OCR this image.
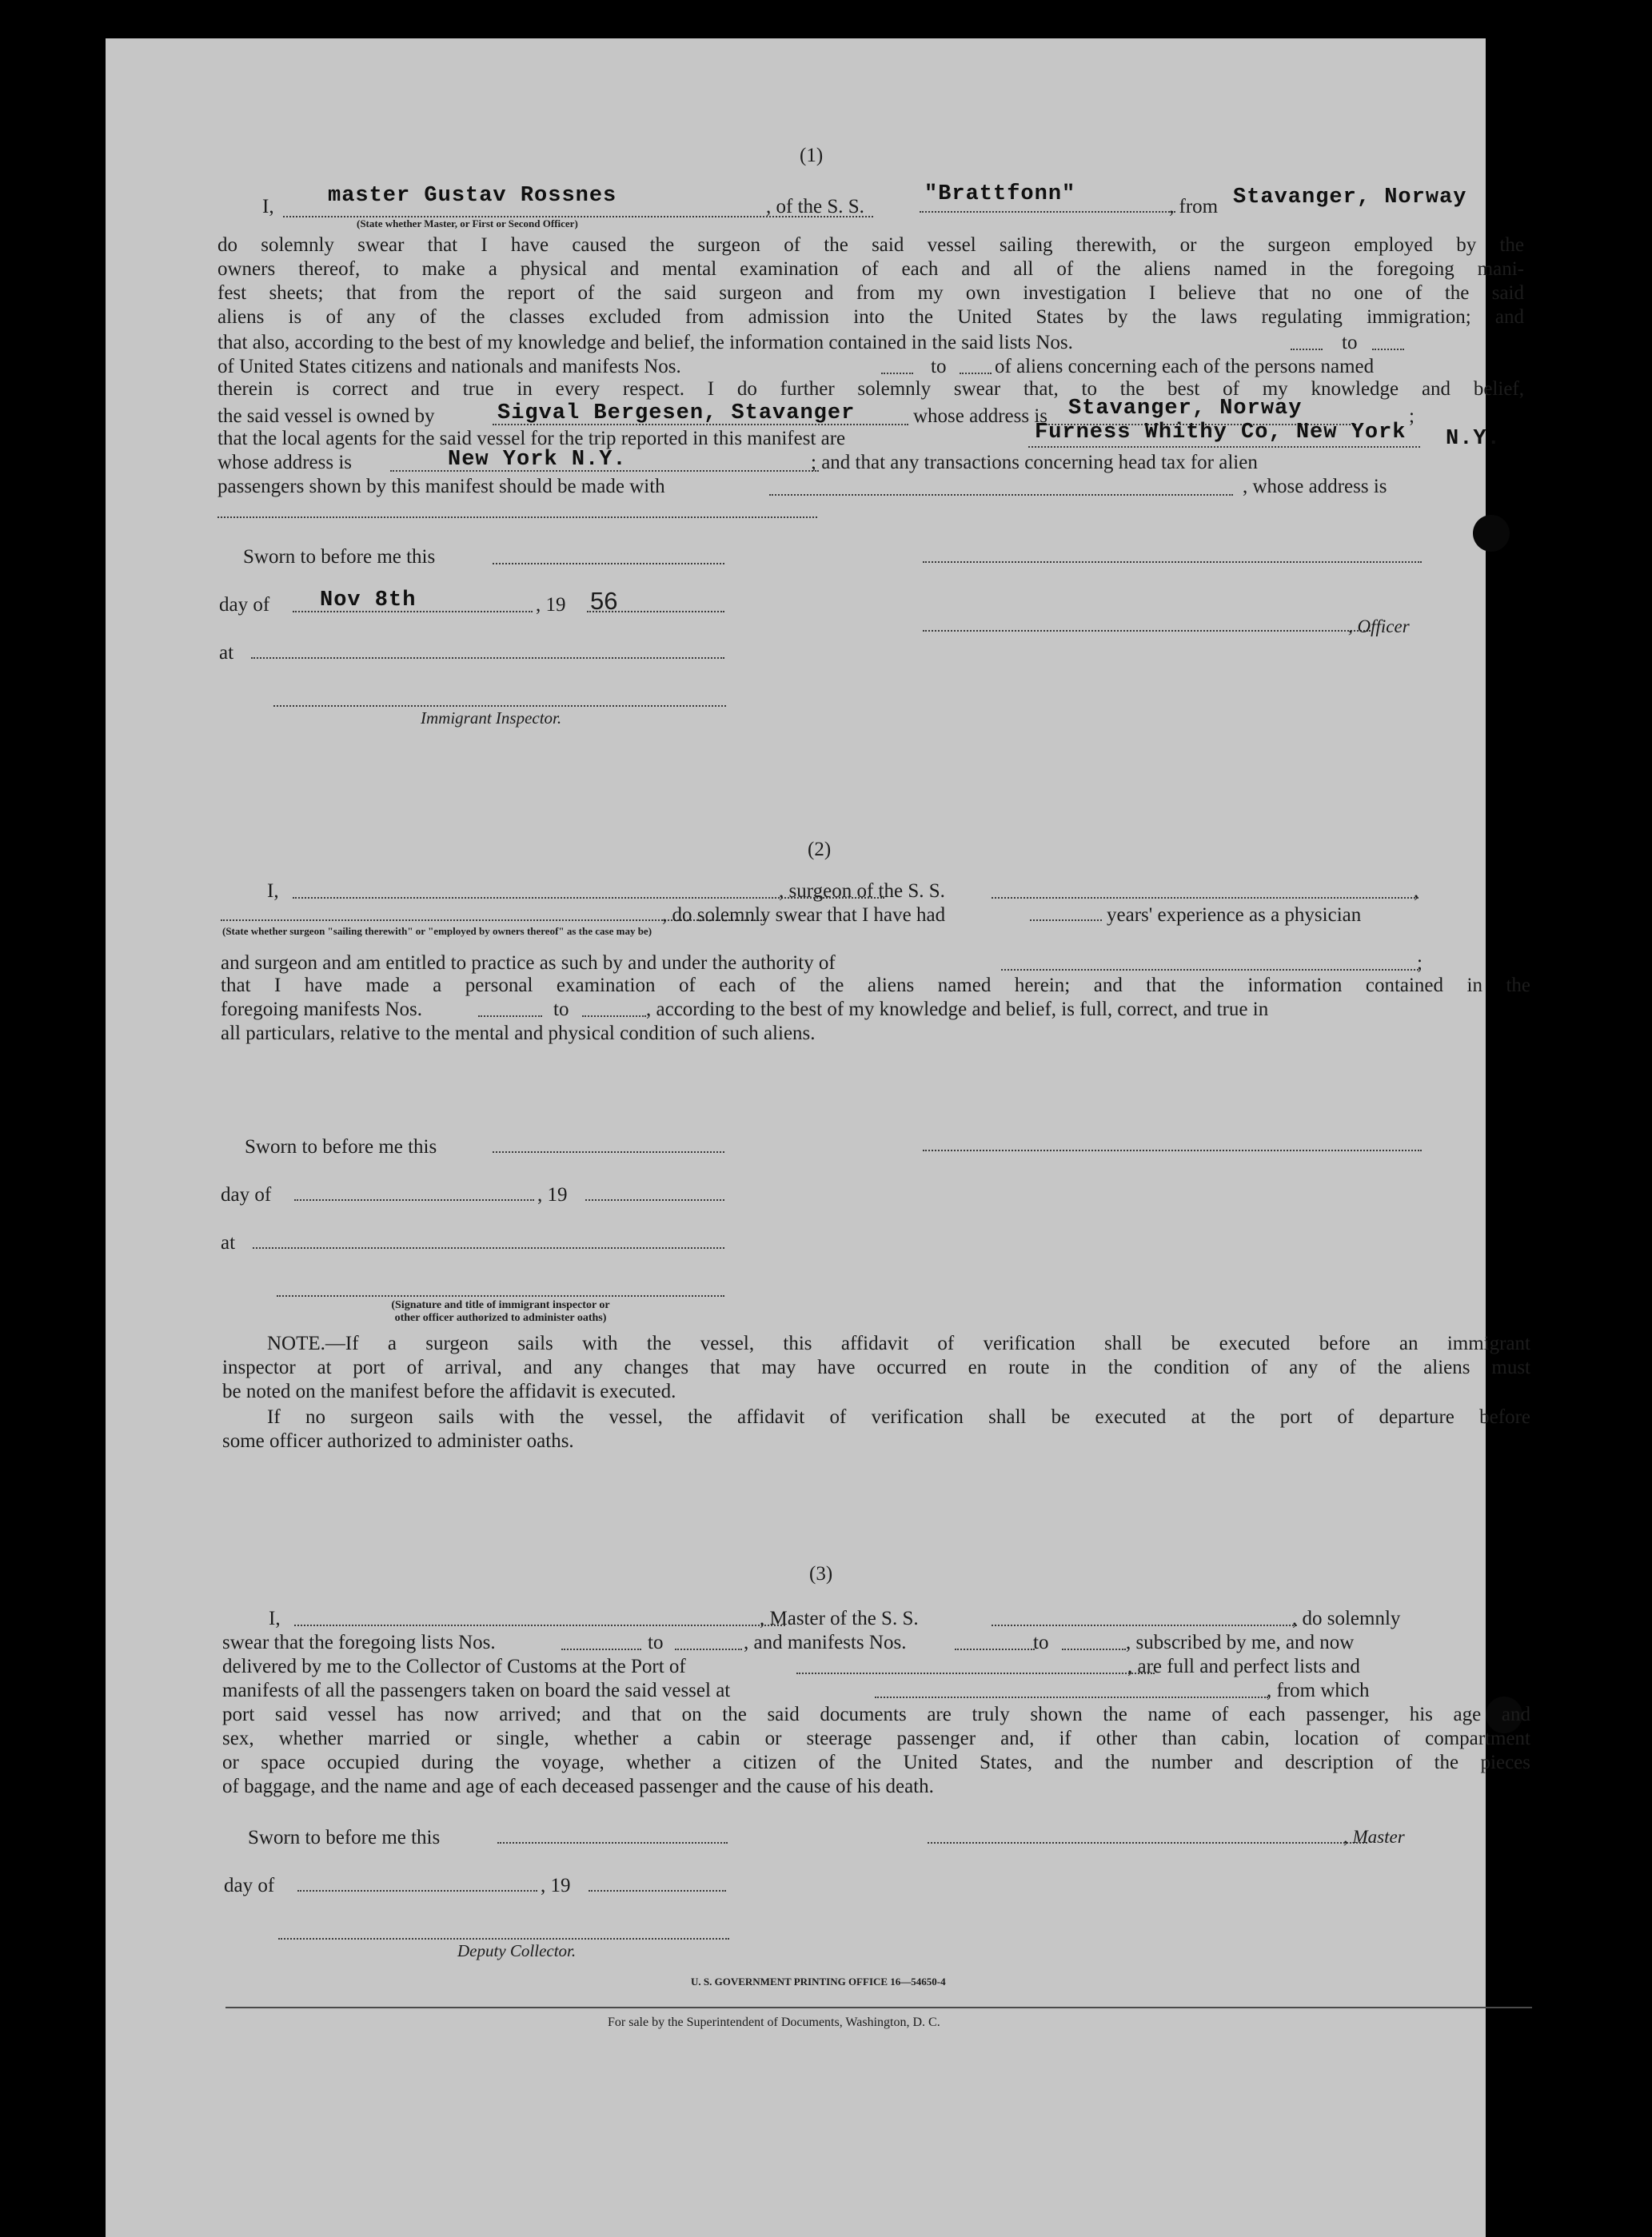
(1)
I, master Gustav Rossnes	, of the S. S.
"Brattfonn"
, from Stavanger, Norway
(State whether Master, or First or Second Officer)
do solemnly swear that I have caused the surgeon of the said vessel sailing therewith, or the surgeon employed by the
owners thereof, to make a physical and mental examination of each and all of the aliens named in the foregoing mani-
fest sheets; that from the report of the said surgeon and from my own investigation I believe that no one of the said
aliens is of any of the classes excluded from admission into the United States by the laws regulating immigration; and
that also, according to the best of my knowledge and belief, the information contained in the said lists Nos.	to
of United States citizens and nationals and manifests Nos.	to of aliens concerning each of the persons named
therein is correct and true in every respect. I do further solemnly swear that, to the best of my knowledge and belief,
the said vessel is owned by	Sigval Bergesen, Stavanger	whose address is Stavanger, Norway	;
that the local agents for the said vessel for the trip reported in this manifest are	Furness Whithy Co, New York N.Y.
whose address is	New York N.Y.	; and that any transactions concerning head tax for alien
passengers shown by this manifest should be made with	, whose address is
Sworn to before me this
day of Nov 8th	, 19 56
, Officer
at
Immigrant Inspector.
(2)
I,	, surgeon of the S. S.	,
, do solemnly swear that I have had	years' experience as a physician
(State whether surgeon "sailing therewith" or "employed by owners thereof" as the case may be)
and surgeon and am entitled to practice as such by and under the authority of	;
that I have made a personal examination of each of the aliens named herein; and that the information contained in the
foregoing manifests Nos.	to	, according to the best of my knowledge and belief, is full, correct, and true in
all particulars, relative to the mental and physical condition of such aliens.
Sworn to before me this
day of	, 19
at
(Signature and title of immigrant inspector or
other officer authorized to administer oaths)
NOTE.—If a surgeon sails with the vessel, this affidavit of verification shall be executed before an immigrant
inspector at port of arrival, and any changes that may have occurred en route in the condition of any of the aliens must
be noted on the manifest before the affidavit is executed.
If no surgeon sails with the vessel, the affidavit of verification shall be executed at the port of departure before
some officer authorized to administer oaths.
(3)
I,	, Master of the S. S.	, do solemnly
swear that the foregoing lists Nos.	to	, and manifests Nos.	to	, subscribed by me, and now
delivered by me to the Collector of Customs at the Port of	, are full and perfect lists and
manifests of all the passengers taken on board the said vessel at	, from which
port said vessel has now arrived; and that on the said documents are truly shown the name of each passenger, his age and
sex, whether married or single, whether a cabin or steerage passenger and, if other than cabin, location of compartment
or space occupied during the voyage, whether a citizen of the United States, and the number and description of the pieces
of baggage, and the name and age of each deceased passenger and the cause of his death.
Sworn to before me this	, Master
day of	, 19
Deputy Collector.
U. S. GOVERNMENT PRINTING OFFICE 16—54650-4
For sale by the Superintendent of Documents, Washington, D. C.
